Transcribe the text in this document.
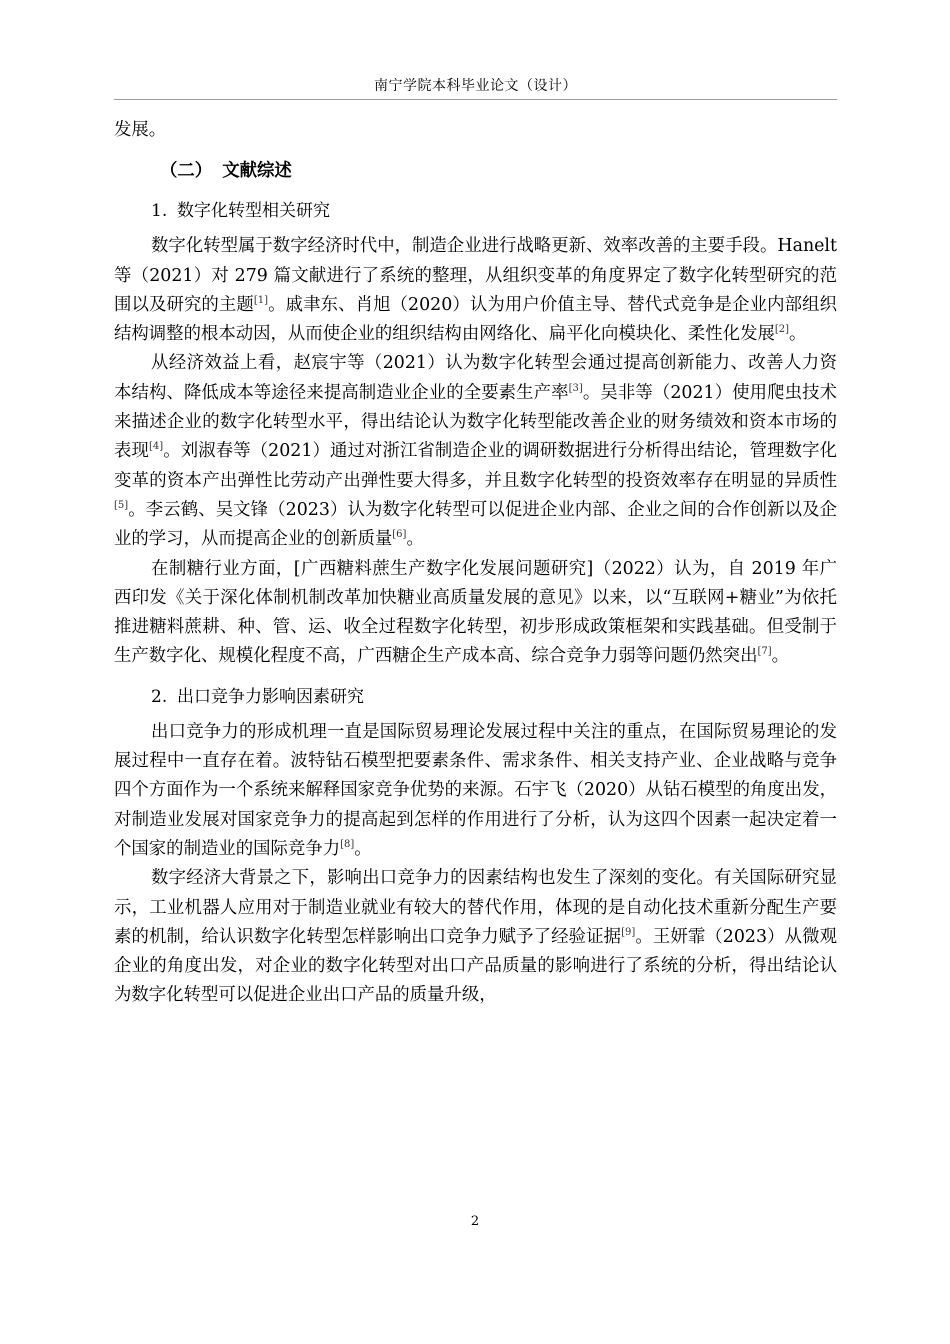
南宁学院本科毕业论文（设计）

发展。

（二） 文献综述
1. 数字化转型相关研究

数字化转型属于数字经济时代中，制造企业进行战略更新、效率改善的主要手段。Hanelt 等（2021）对 279 篇文献进行了系统的整理，从组织变革的角度界定了数字化转型研究的范围以及研究的主题[1]。戚聿东、肖旭（2020）认为用户价值主导、替代式竞争是企业内部组织结构调整的根本动因，从而使企业的组织结构由网络化、扁平化向模块化、柔性化发展[2]。

从经济效益上看，赵宸宇等（2021）认为数字化转型会通过提高创新能力、改善人力资本结构、降低成本等途径来提高制造业企业的全要素生产率[3]。吴非等（2021）使用爬虫技术来描述企业的数字化转型水平，得出结论认为数字化转型能改善企业的财务绩效和资本市场的表现[4]。刘淑春等（2021）通过对浙江省制造企业的调研数据进行分析得出结论，管理数字化变革的资本产出弹性比劳动产出弹性要大得多，并且数字化转型的投资效率存在明显的异质性[5]。李云鹤、吴文锋（2023）认为数字化转型可以促进企业内部、企业之间的合作创新以及企业的学习，从而提高企业的创新质量[6]。

在制糖行业方面，[广西糖料蔗生产数字化发展问题研究]（2022）认为，自 2019 年广西印发《关于深化体制机制改革加快糖业高质量发展的意见》以来，以“互联网+糖业”为依托推进糖料蔗耕、种、管、运、收全过程数字化转型，初步形成政策框架和实践基础。但受制于生产数字化、规模化程度不高，广西糖企生产成本高、综合竞争力弱等问题仍然突出[7]。

2. 出口竞争力影响因素研究

出口竞争力的形成机理一直是国际贸易理论发展过程中关注的重点，在国际贸易理论的发展过程中一直存在着。波特钻石模型把要素条件、需求条件、相关支持产业、企业战略与竞争四个方面作为一个系统来解释国家竞争优势的来源。石宇飞（2020）从钻石模型的角度出发，对制造业发展对国家竞争力的提高起到怎样的作用进行了分析，认为这四个因素一起决定着一个国家的制造业的国际竞争力[8]。

数字经济大背景之下，影响出口竞争力的因素结构也发生了深刻的变化。有关国际研究显示，工业机器人应用对于制造业就业有较大的替代作用，体现的是自动化技术重新分配生产要素的机制，给认识数字化转型怎样影响出口竞争力赋予了经验证据[9]。王妍霏（2023）从微观企业的角度出发，对企业的数字化转型对出口产品质量的影响进行了系统的分析，得出结论认为数字化转型可以促进企业出口产品的质量升级，

2
